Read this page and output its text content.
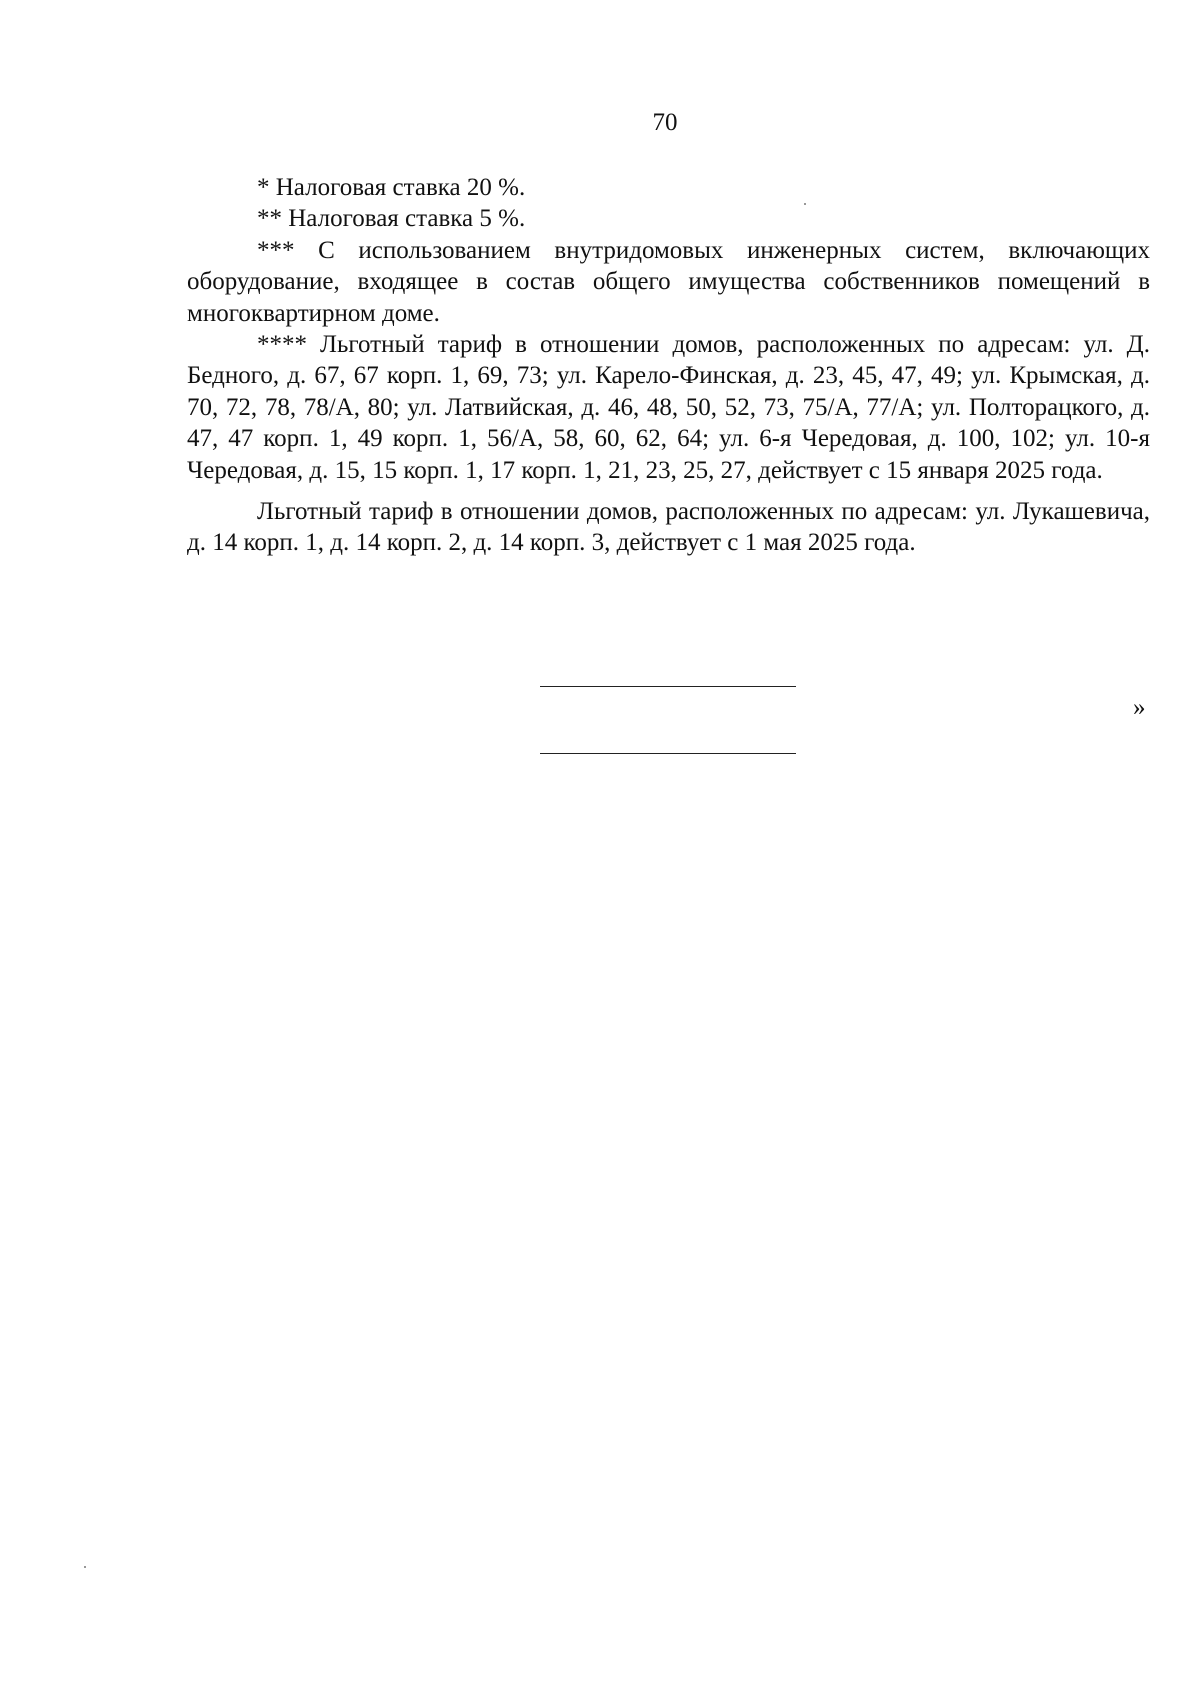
70

* Налоговая ставка 20 %.

** Налоговая ставка 5 %.

*** С использованием внутридомовых инженерных систем, включающих оборудование, входящее в состав общего имущества собственников помещений в многоквартирном доме.

**** Льготный тариф в отношении домов, расположенных по адресам: ул. Д. Бедного, д. 67, 67 корп. 1, 69, 73; ул. Карело-Финская, д. 23, 45, 47, 49; ул. Крымская, д. 70, 72, 78, 78/А, 80; ул. Латвийская, д. 46, 48, 50, 52, 73, 75/А, 77/А; ул. Полторацкого, д. 47, 47 корп. 1, 49 корп. 1, 56/А, 58, 60, 62, 64; ул. 6-я Чередовая, д. 100, 102; ул. 10-я Чередовая, д. 15, 15 корп. 1, 17 корп. 1, 21, 23, 25, 27, действует с 15 января 2025 года.

Льготный тариф в отношении домов, расположенных по адресам: ул. Лукашевича, д. 14 корп. 1, д. 14 корп. 2, д. 14 корп. 3, действует с 1 мая 2025 года.

»
